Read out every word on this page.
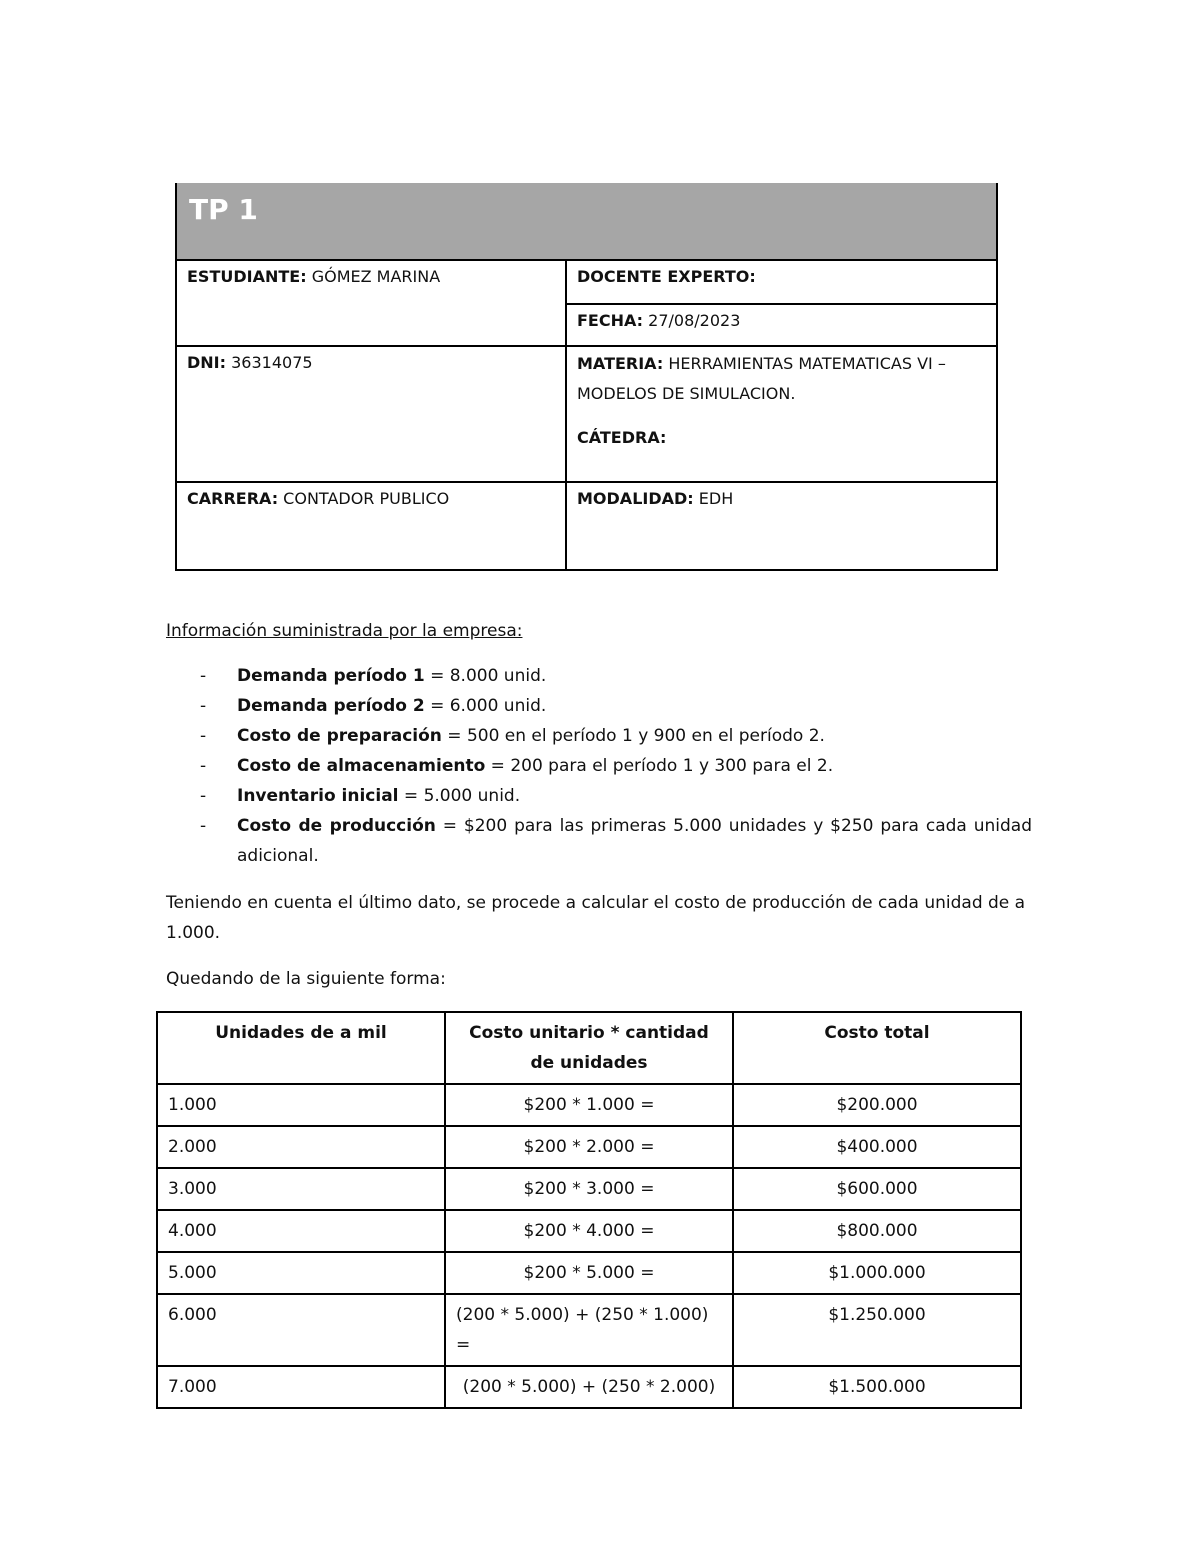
TP 1	
ESTUDIANTE: GÓMEZ MARINA	DOCENTE EXPERTO:
	FECHA: 27/08/2023
DNI: 36314075	MATERIA: HERRAMIENTAS MATEMATICAS VI – MODELOS DE SIMULACION.

CÁTEDRA:

CARRERA: CONTADOR PUBLICO	MODALIDAD: EDH

Información suministrada por la empresa:

- Demanda período 1 = 8.000 unid.
- Demanda período 2 = 6.000 unid.
- Costo de preparación = 500 en el período 1 y 900 en el período 2.
- Costo de almacenamiento = 200 para el período 1 y 300 para el 2.
- Inventario inicial = 5.000 unid.
- Costo de producción = $200 para las primeras 5.000 unidades y $250 para cada unidad adicional.

Teniendo en cuenta el último dato, se procede a calcular el costo de producción de cada unidad de a 1.000.

Quedando de la siguiente forma:

Unidades de a mil	Costo unitario * cantidad de unidades	Costo total
1.000	$200 * 1.000 =	$200.000
2.000	$200 * 2.000 =	$400.000
3.000	$200 * 3.000 =	$600.000
4.000	$200 * 4.000 =	$800.000
5.000	$200 * 5.000 =	$1.000.000
6.000	(200 * 5.000) + (250 * 1.000) =	$1.250.000
7.000	(200 * 5.000) + (250 * 2.000)	$1.500.000
